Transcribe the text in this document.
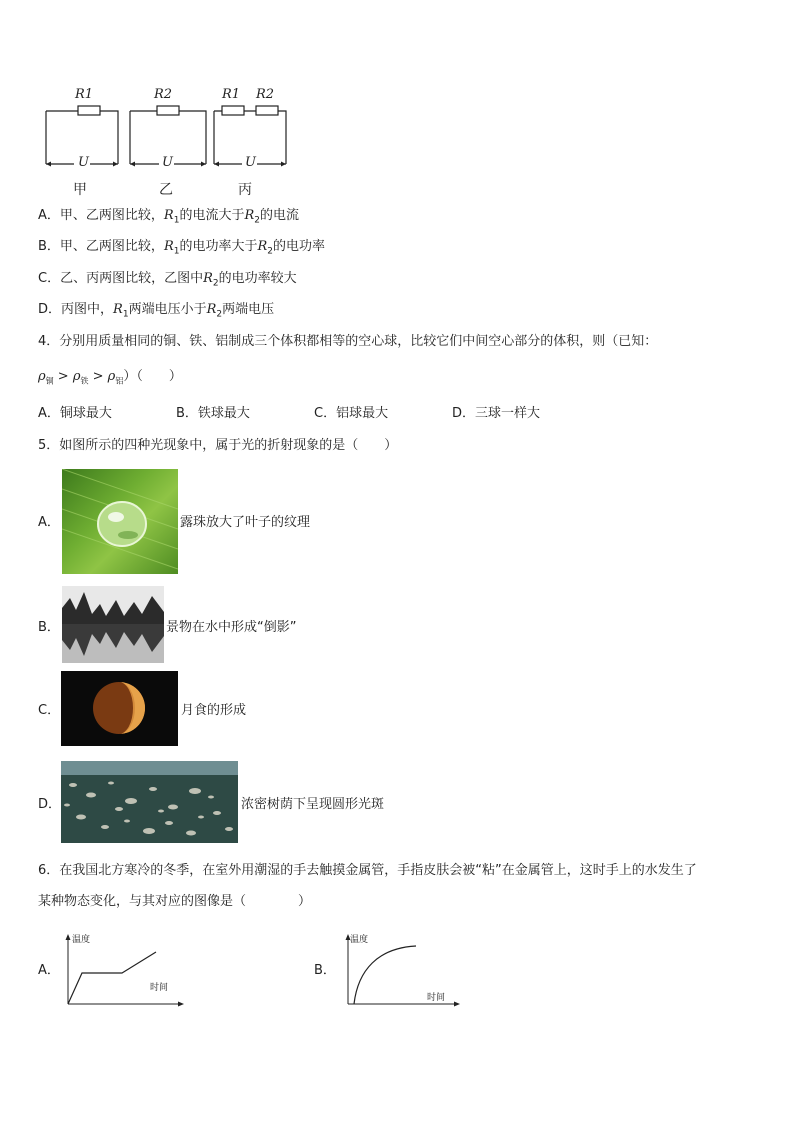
R1	R2	R1 R2
U	U	U
甲	乙	丙
A．甲、乙两图比较，$R_1$的电流大于$R_2$的电流
B．甲、乙两图比较，$R_1$的电功率大于$R_2$的电功率
C．乙、丙两图比较，乙图中$R_2$的电功率较大
D．丙图中，$R_1$两端电压小于$R_2$两端电压
4．分别用质量相同的铜、铁、铝制成三个体积都相等的空心球，比较它们中间空心部分的体积，则（已知：
$\rho_铜 > \rho_铁 > \rho_铝$）（　　）
A．铜球最大	B．铁球最大	C．铝球最大	D．三球一样大
5．如图所示的四种光现象中，属于光的折射现象的是（　　）
A．	露珠放大了叶子的纹理
B．	景物在水中形成“倒影”
C．	月食的形成
D．	浓密树荫下呈现圆形光斑
6．在我国北方寒冷的冬季，在室外用潮湿的手去触摸金属管，手指皮肤会被“粘”在金属管上，这时手上的水发生了
某种物态变化，与其对应的图像是（　　　　）
A．
温度
时间
B．
温度
时间
